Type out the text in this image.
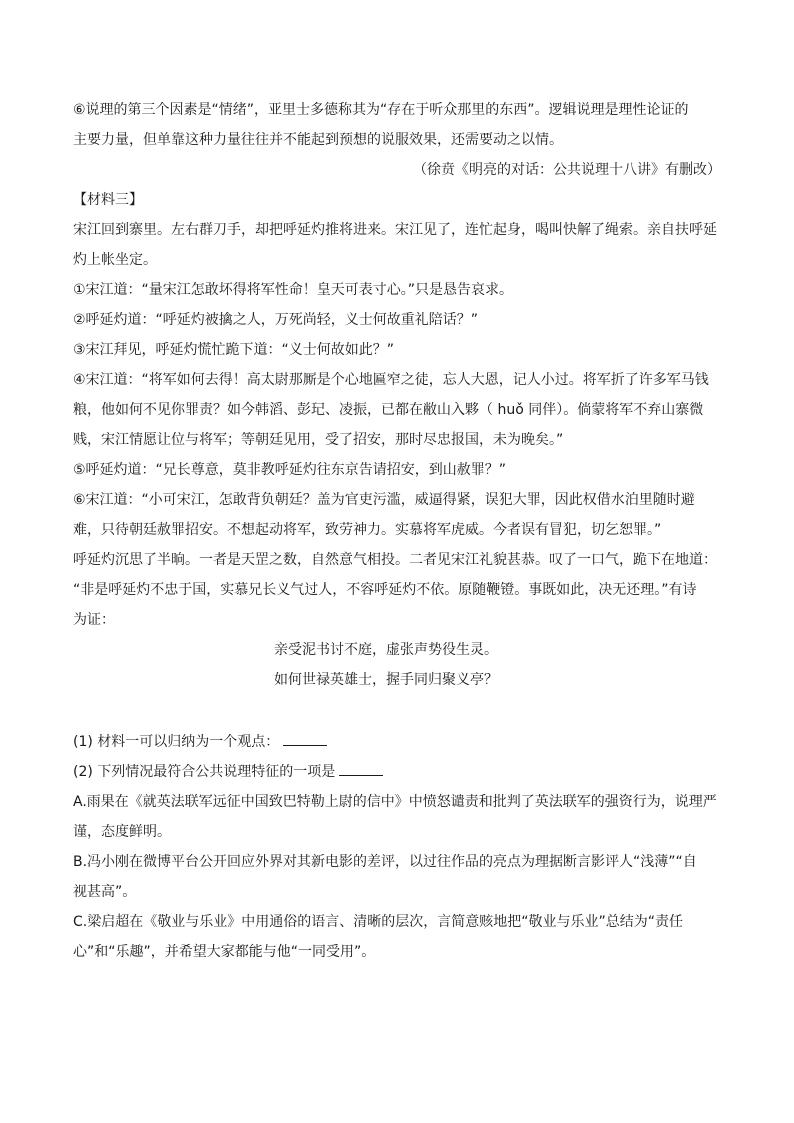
⑥说理的第三个因素是“情绪”，亚里士多德称其为“存在于听众那里的东西”。逻辑说理是理性论证的
主要力量，但单靠这种力量往往并不能起到预想的说服效果，还需要动之以情。
（徐贲《明亮的对话：公共说理十八讲》有删改）
【材料三】
宋江回到寨里。左右群刀手，却把呼延灼推将进来。宋江见了，连忙起身，喝叫快解了绳索。亲自扶呼延
灼上帐坐定。
①宋江道：“量宋江怎敢坏得将军性命！皇天可表寸心。”只是恳告哀求。
②呼延灼道：“呼延灼被擒之人，万死尚轻，义士何故重礼陪话？”
③宋江拜见，呼延灼慌忙跪下道：“义士何故如此？”
④宋江道：“将军如何去得！高太尉那厮是个心地匾窄之徒，忘人大恩，记人小过。将军折了许多军马钱
粮，他如何不见你罪责？如今韩滔、彭玘、凌振，已都在敝山入夥（ huǒ 同伴）。倘蒙将军不弃山寨微
贱，宋江情愿让位与将军；等朝廷见用，受了招安，那时尽忠报国，未为晚矣。”
⑤呼延灼道：“兄长尊意，莫非教呼延灼往东京告请招安，到山赦罪？”
⑥宋江道：“小可宋江，怎敢背负朝廷？盖为官吏污滥，威逼得紧，误犯大罪，因此权借水泊里随时避
难，只待朝廷赦罪招安。不想起动将军，致劳神力。实慕将军虎威。今者误有冒犯，切乞恕罪。”
呼延灼沉思了半晌。一者是天罡之数，自然意气相投。二者见宋江礼貌甚恭。叹了一口气，跪下在地道：
“非是呼延灼不忠于国，实慕兄长义气过人，不容呼延灼不依。原随鞭镫。事既如此，决无还理。”有诗
为证：
亲受泥书讨不庭，虚张声势役生灵。
如何世禄英雄士，握手同归聚义亭？
(1) 材料一可以归纳为一个观点：
(2) 下列情况最符合公共说理特征的一项是
A.雨果在《就英法联军远征中国致巴特勒上尉的信中》中愤怒谴责和批判了英法联军的强资行为，说理严
谨，态度鲜明。
B.冯小刚在微博平台公开回应外界对其新电影的差评，以过往作品的亮点为理据断言影评人“浅薄”“自
视甚高”。
C.梁启超在《敬业与乐业》中用通俗的语言、清晰的层次，言简意赅地把“敬业与乐业”总结为“责任
心”和“乐趣”，并希望大家都能与他“一同受用”。
